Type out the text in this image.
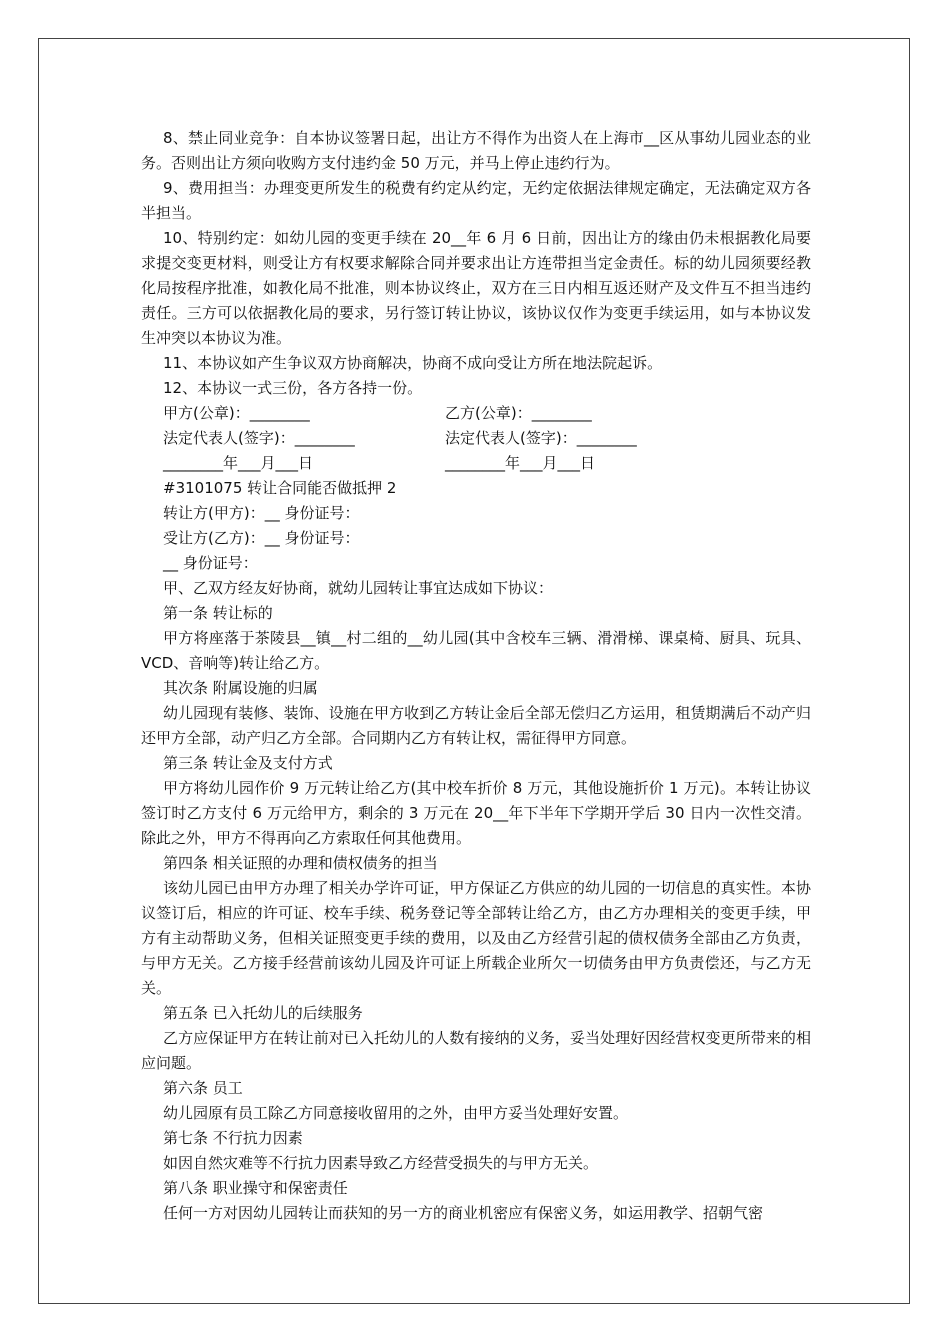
8、禁止同业竞争：自本协议签署日起，出让方不得作为出资人在上海市__区从事幼儿园业态的业务。否则出让方须向收购方支付违约金 50 万元，并马上停止违约行为。

9、费用担当：办理变更所发生的税费有约定从约定，无约定依据法律规定确定，无法确定双方各半担当。

10、特别约定：如幼儿园的变更手续在 20__年 6 月 6 日前，因出让方的缘由仍未根据教化局要求提交变更材料，则受让方有权要求解除合同并要求出让方连带担当定金责任。标的幼儿园须要经教化局按程序批准，如教化局不批准，则本协议终止，双方在三日内相互返还财产及文件互不担当违约责任。三方可以依据教化局的要求，另行签订转让协议，该协议仅作为变更手续运用，如与本协议发生冲突以本协议为准。

11、本协议如产生争议双方协商解决，协商不成向受让方所在地法院起诉。

12、本协议一式三份，各方各持一份。

甲方(公章)：________	乙方(公章)：________
法定代表人(签字)：________	法定代表人(签字)：________
________年___月___日	________年___月___日

#3101075 转让合同能否做抵押 2

转让方(甲方)：__ 身份证号：

受让方(乙方)：__ 身份证号：

__ 身份证号：

甲、乙双方经友好协商，就幼儿园转让事宜达成如下协议：

第一条 转让标的

甲方将座落于茶陵县__镇__村二组的__幼儿园(其中含校车三辆、滑滑梯、课桌椅、厨具、玩具、VCD、音响等)转让给乙方。

其次条 附属设施的归属

幼儿园现有装修、装饰、设施在甲方收到乙方转让金后全部无偿归乙方运用，租赁期满后不动产归还甲方全部，动产归乙方全部。合同期内乙方有转让权，需征得甲方同意。

第三条 转让金及支付方式

甲方将幼儿园作价 9 万元转让给乙方(其中校车折价 8 万元，其他设施折价 1 万元)。本转让协议签订时乙方支付 6 万元给甲方，剩余的 3 万元在 20__年下半年下学期开学后 30 日内一次性交清。除此之外，甲方不得再向乙方索取任何其他费用。

第四条 相关证照的办理和债权债务的担当

该幼儿园已由甲方办理了相关办学许可证，甲方保证乙方供应的幼儿园的一切信息的真实性。本协议签订后，相应的许可证、校车手续、税务登记等全部转让给乙方，由乙方办理相关的变更手续，甲方有主动帮助义务，但相关证照变更手续的费用，以及由乙方经营引起的债权债务全部由乙方负责，与甲方无关。乙方接手经营前该幼儿园及许可证上所载企业所欠一切债务由甲方负责偿还，与乙方无关。

第五条 已入托幼儿的后续服务

乙方应保证甲方在转让前对已入托幼儿的人数有接纳的义务，妥当处理好因经营权变更所带来的相应问题。

第六条 员工

幼儿园原有员工除乙方同意接收留用的之外，由甲方妥当处理好安置。

第七条 不行抗力因素

如因自然灾难等不行抗力因素导致乙方经营受损失的与甲方无关。

第八条 职业操守和保密责任

任何一方对因幼儿园转让而获知的另一方的商业机密应有保密义务，如运用教学、招朝气密
